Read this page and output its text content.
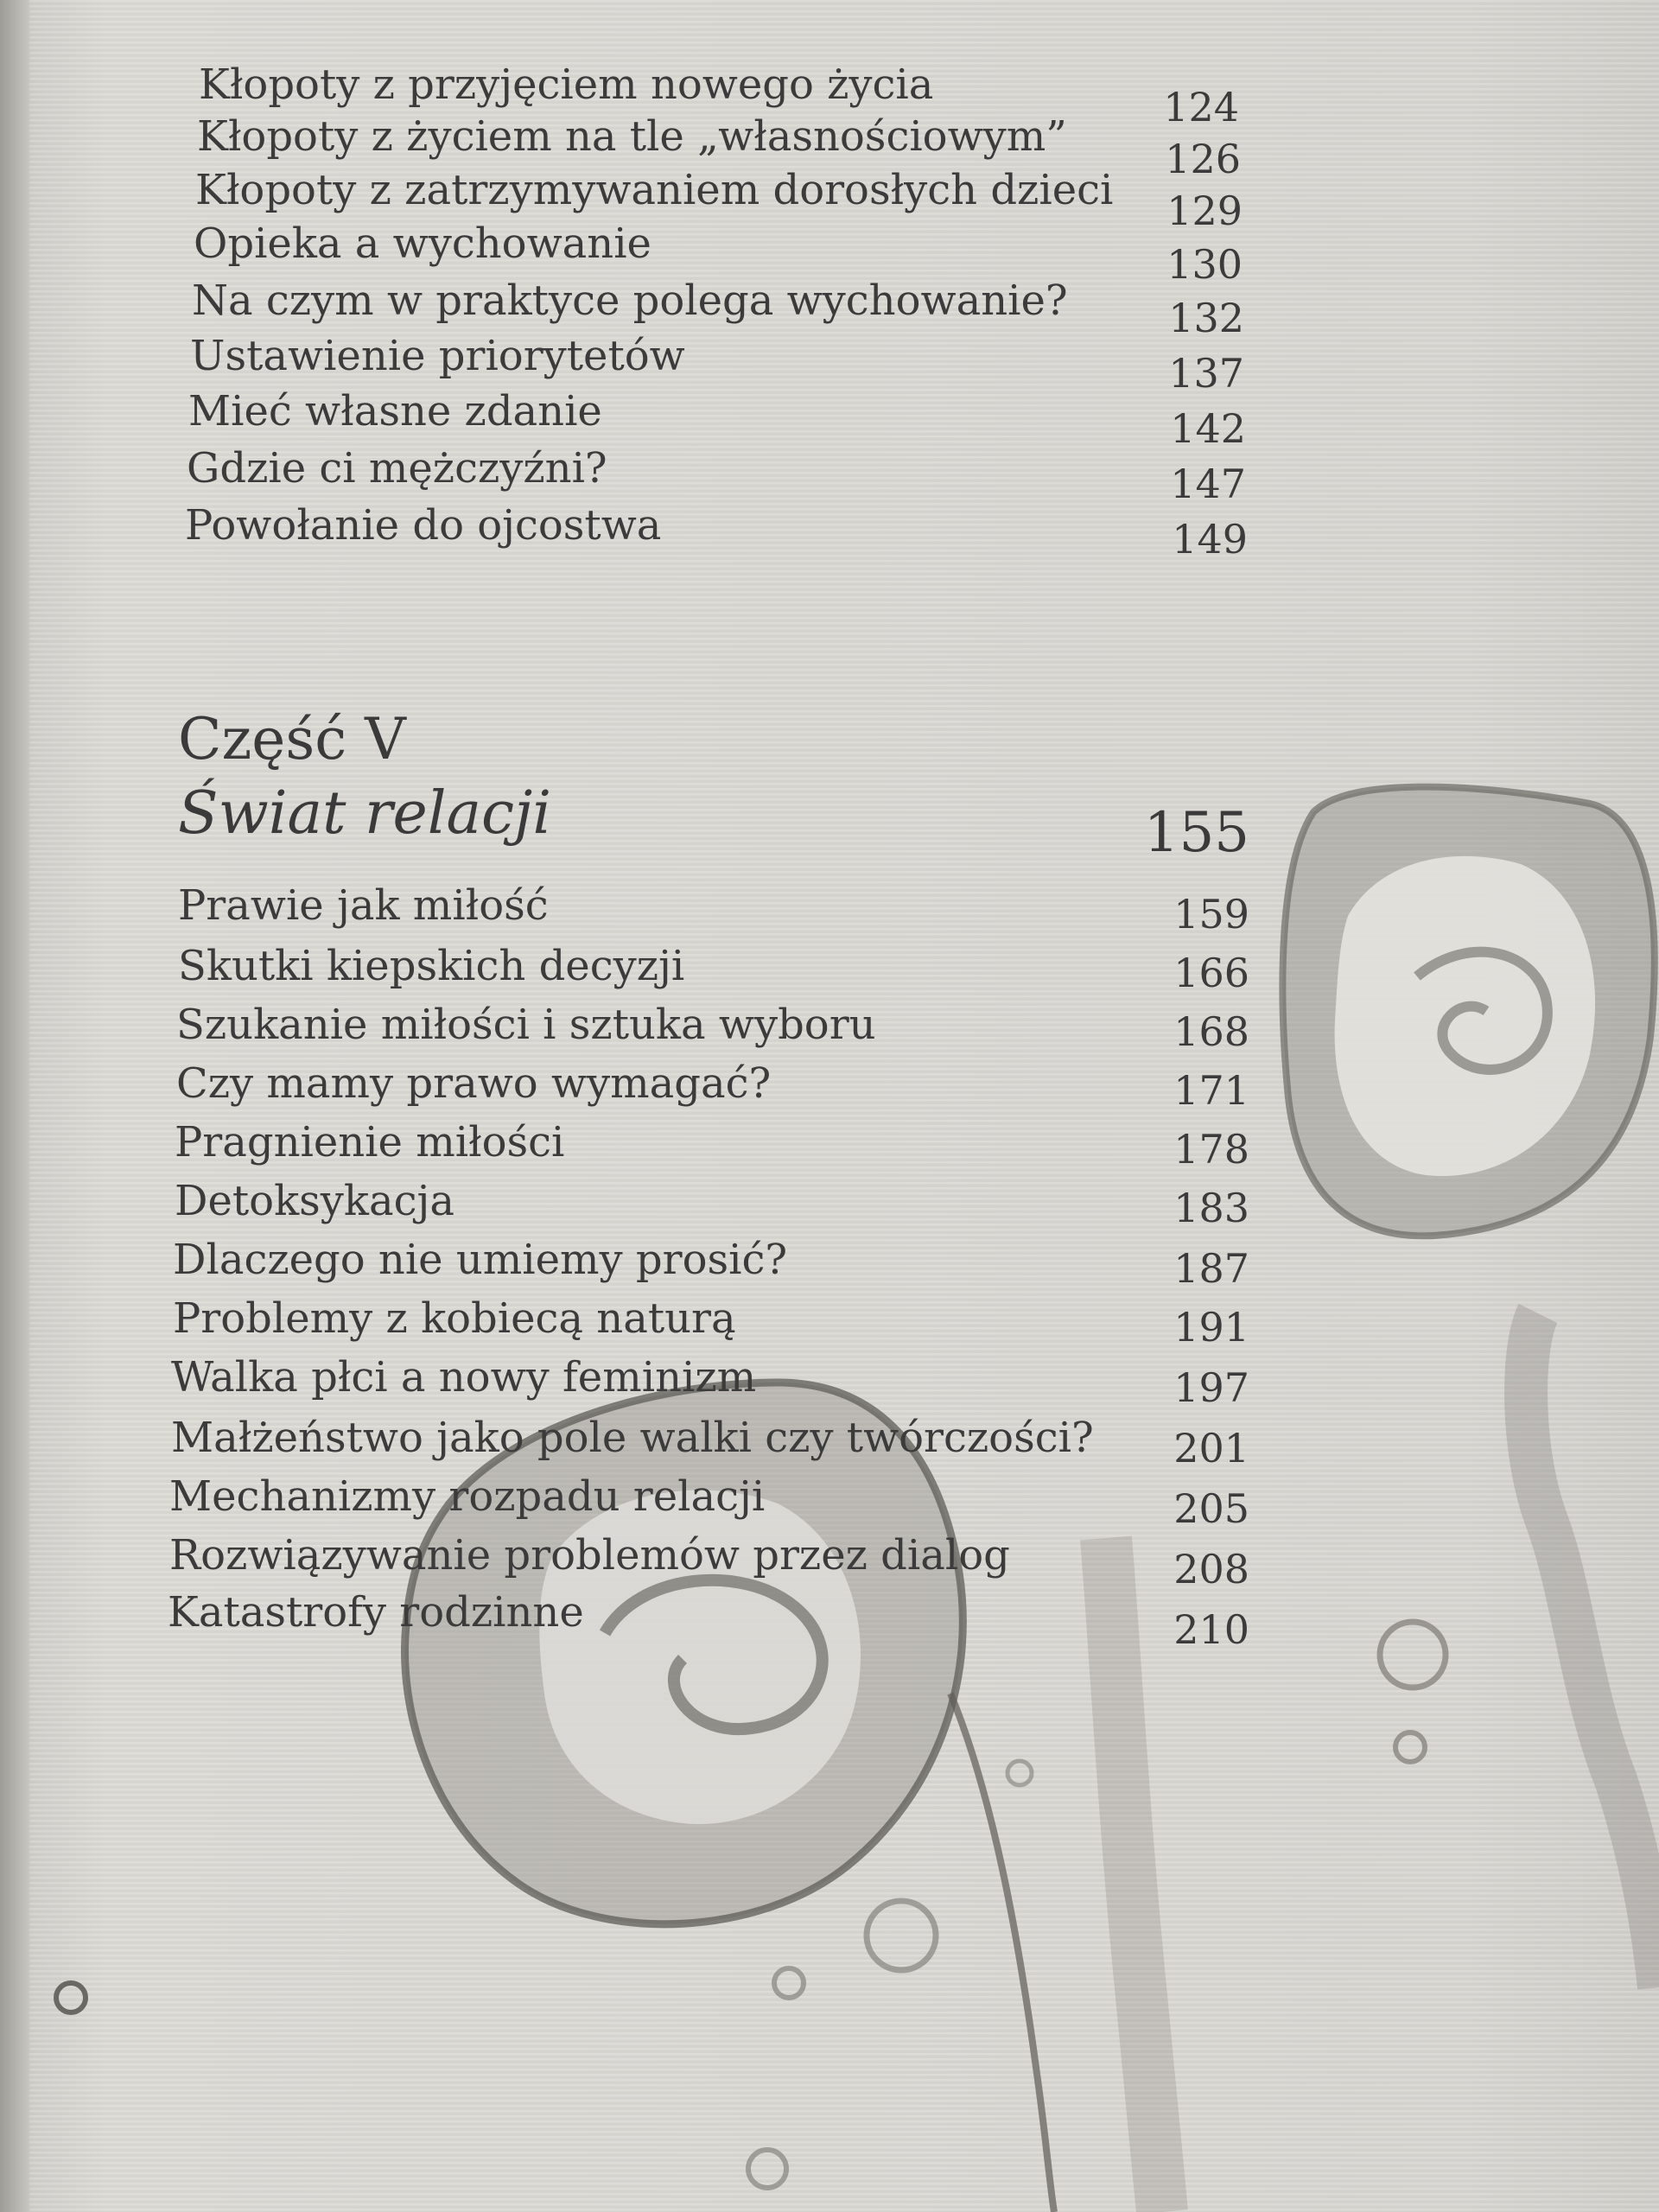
Kłopoty z przyjęciem nowego życia	124
Kłopoty z życiem na tle „własnościowym”	126
Kłopoty z zatrzymywaniem dorosłych dzieci	129
Opieka a wychowanie	130
Na czym w praktyce polega wychowanie?	132
Ustawienie priorytetów	137
Mieć własne zdanie	142
Gdzie ci mężczyźni?	147
Powołanie do ojcostwa	149
Część V
Świat relacji	155
Prawie jak miłość	159
Skutki kiepskich decyzji	166
Szukanie miłości i sztuka wyboru	168
Czy mamy prawo wymagać?	171
Pragnienie miłości	178
Detoksykacja	183
Dlaczego nie umiemy prosić?	187
Problemy z kobiecą naturą	191
Walka płci a nowy feminizm	197
Małżeństwo jako pole walki czy twórczości?	201
Mechanizmy rozpadu relacji	205
Rozwiązywanie problemów przez dialog	208
Katastrofy rodzinne	210
